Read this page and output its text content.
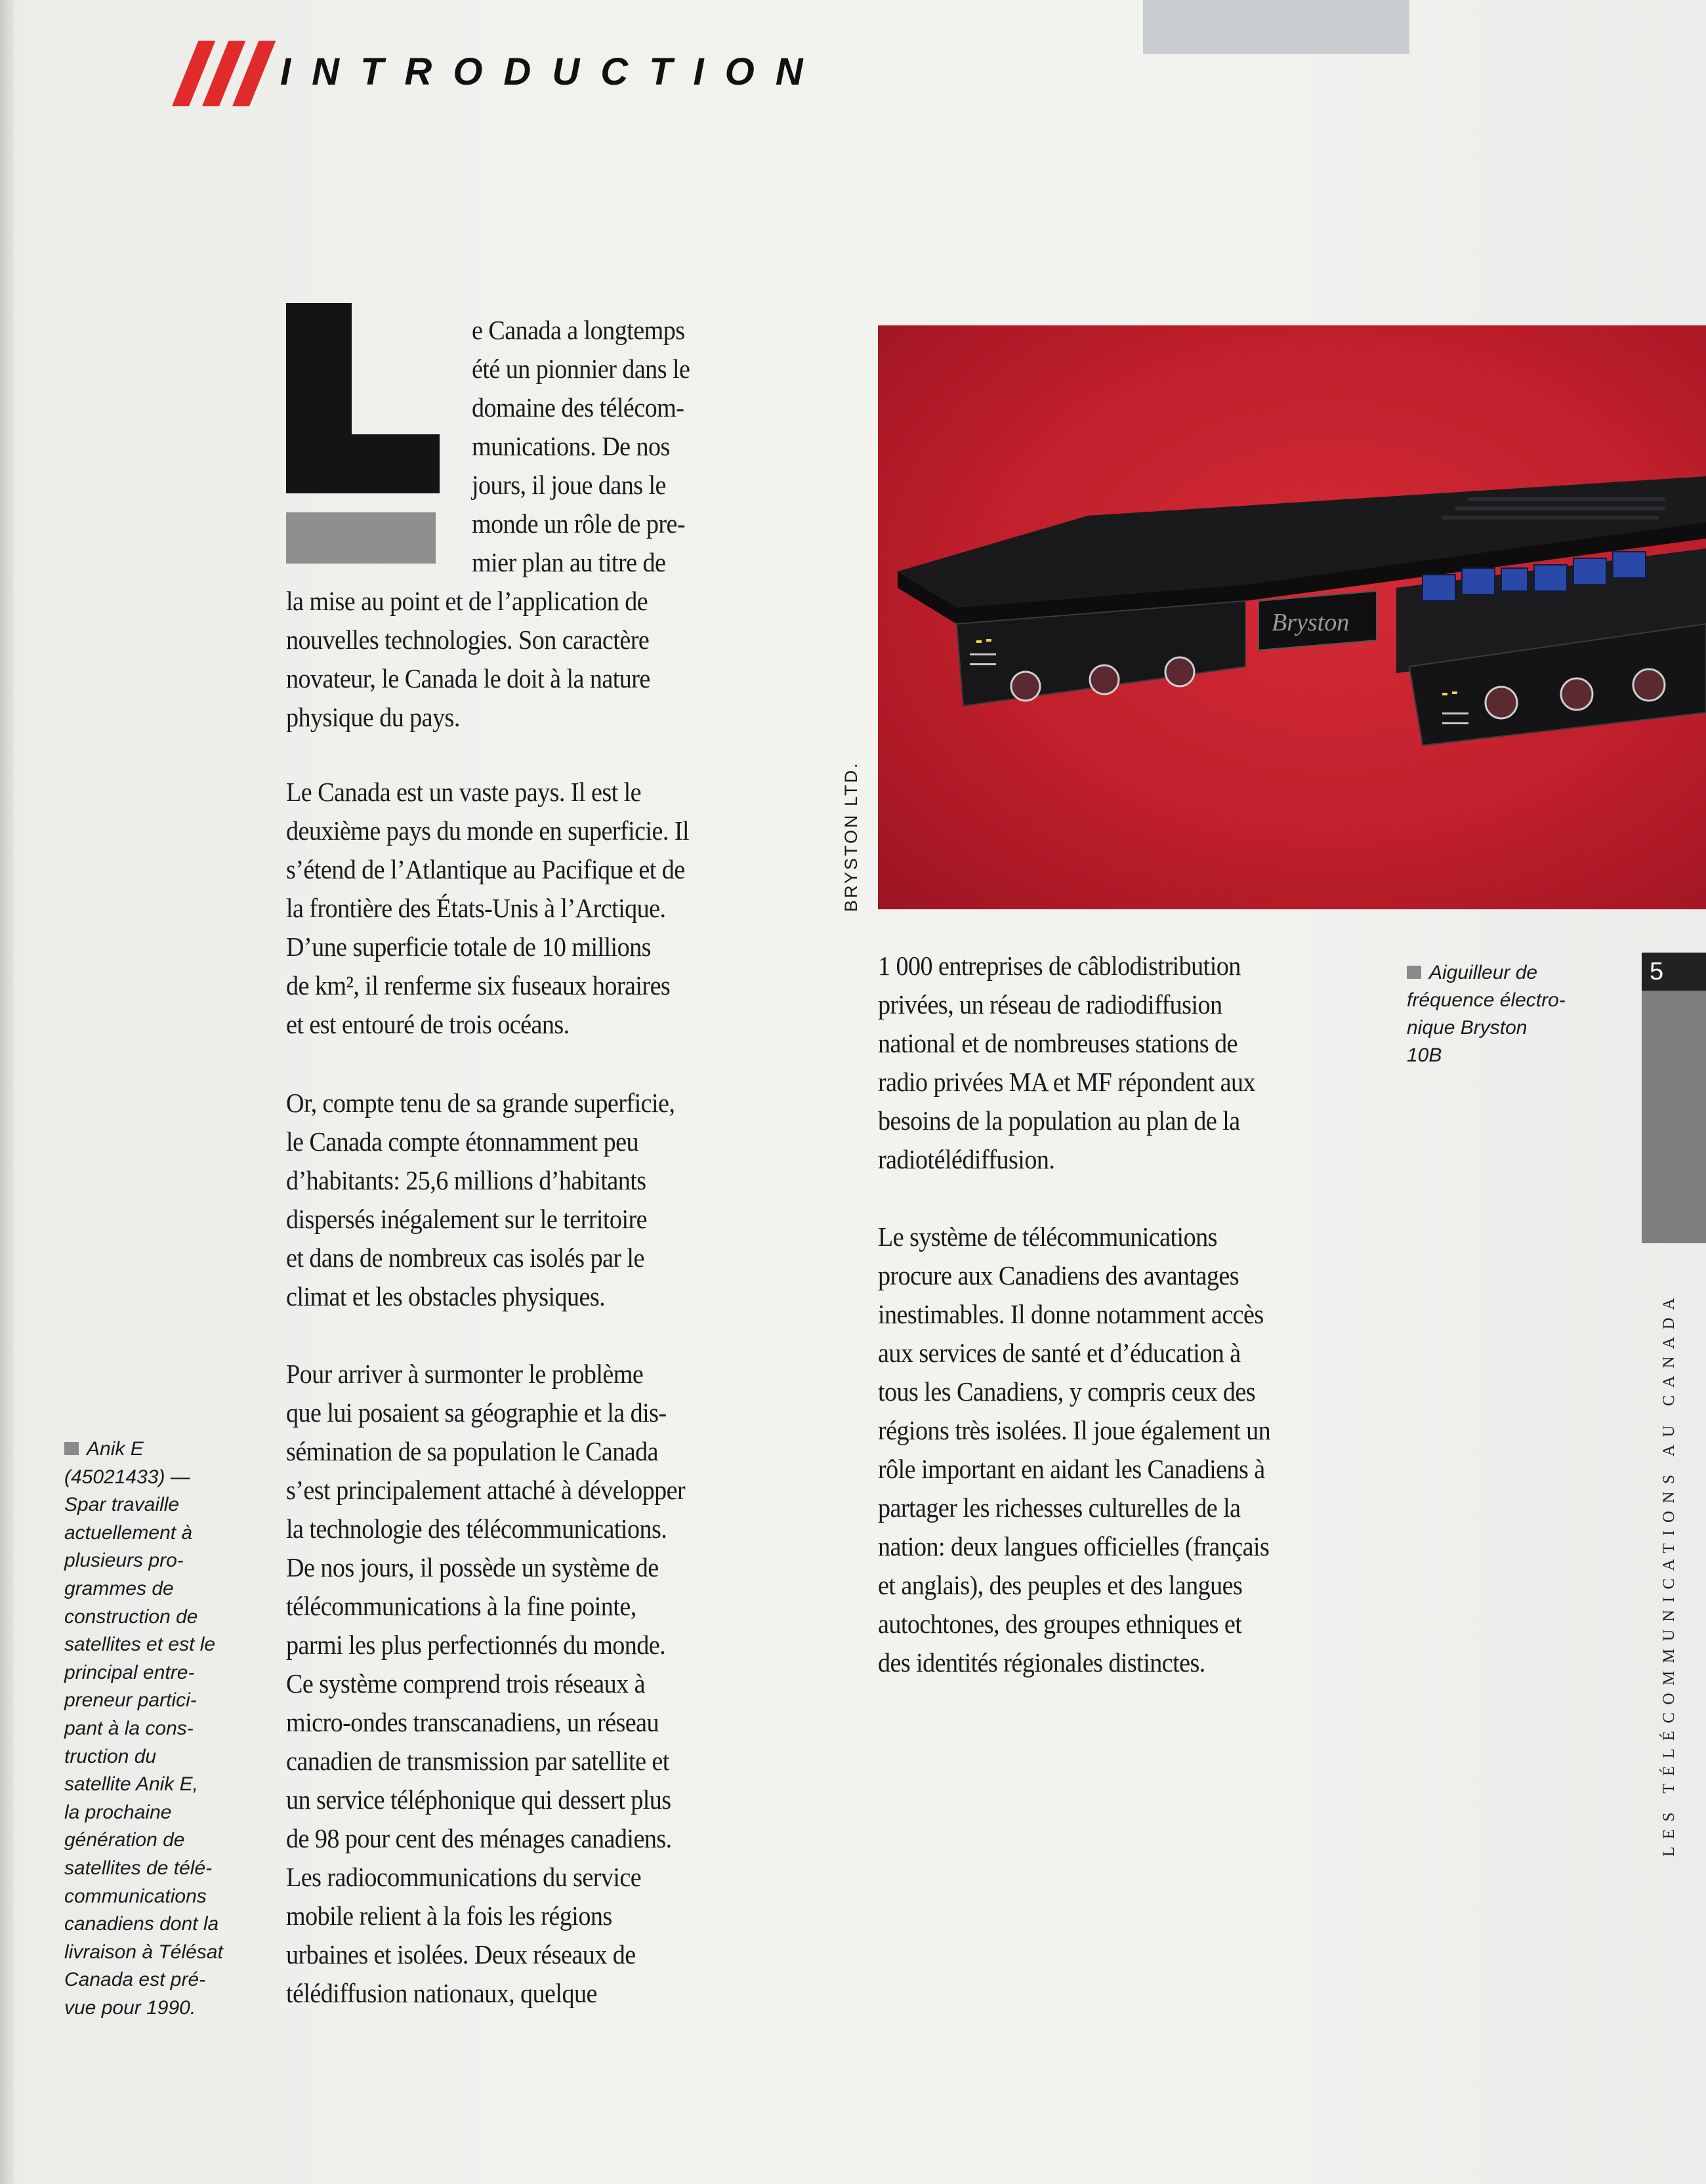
INTRODUCTION

e Canada a longtemps
été un pionnier dans le
domaine des télécom-
munications. De nos
jours, il joue dans le
monde un rôle de pre-
mier plan au titre de

la mise au point et de l’application de
nouvelles technologies. Son caractère
novateur, le Canada le doit à la nature
physique du pays.

Le Canada est un vaste pays. Il est le
deuxième pays du monde en superficie. Il
s’étend de l’Atlantique au Pacifique et de
la frontière des États-Unis à l’Arctique.
D’une superficie totale de 10 millions
de km², il renferme six fuseaux horaires
et est entouré de trois océans.

Or, compte tenu de sa grande superficie,
le Canada compte étonnamment peu
d’habitants: 25,6 millions d’habitants
dispersés inégalement sur le territoire
et dans de nombreux cas isolés par le
climat et les obstacles physiques.

Pour arriver à surmonter le problème
que lui posaient sa géographie et la dis-
sémination de sa population le Canada
s’est principalement attaché à développer
la technologie des télécommunications.
De nos jours, il possède un système de
télécommunications à la fine pointe,
parmi les plus perfectionnés du monde.
Ce système comprend trois réseaux à
micro-ondes transcanadiens, un réseau
canadien de transmission par satellite et
un service téléphonique qui dessert plus
de 98 pour cent des ménages canadiens.
Les radiocommunications du service
mobile relient à la fois les régions
urbaines et isolées. Deux réseaux de
télédiffusion nationaux, quelque

Bryston
BRYSTON LTD.

1 000 entreprises de câblodistribution
privées, un réseau de radiodiffusion
national et de nombreuses stations de
radio privées MA et MF répondent aux
besoins de la population au plan de la
radiotélédiffusion.

Le système de télécommunications
procure aux Canadiens des avantages
inestimables. Il donne notamment accès
aux services de santé et d’éducation à
tous les Canadiens, y compris ceux des
régions très isolées. Il joue également un
rôle important en aidant les Canadiens à
partager les richesses culturelles de la
nation: deux langues officielles (français
et anglais), des peuples et des langues
autochtones, des groupes ethniques et
des identités régionales distinctes.

Aiguilleur de
fréquence électro-
nique Bryston
10B

Anik E
(45021433) —
Spar travaille
actuellement à
plusieurs pro-
grammes de
construction de
satellites et est le
principal entre-
preneur partici-
pant à la cons-
truction du
satellite Anik E,
la prochaine
génération de
satellites de télé-
communications
canadiens dont la
livraison à Télésat
Canada est pré-
vue pour 1990.

5
LES TÉLÉCOMMUNICATIONS AU CANADA
